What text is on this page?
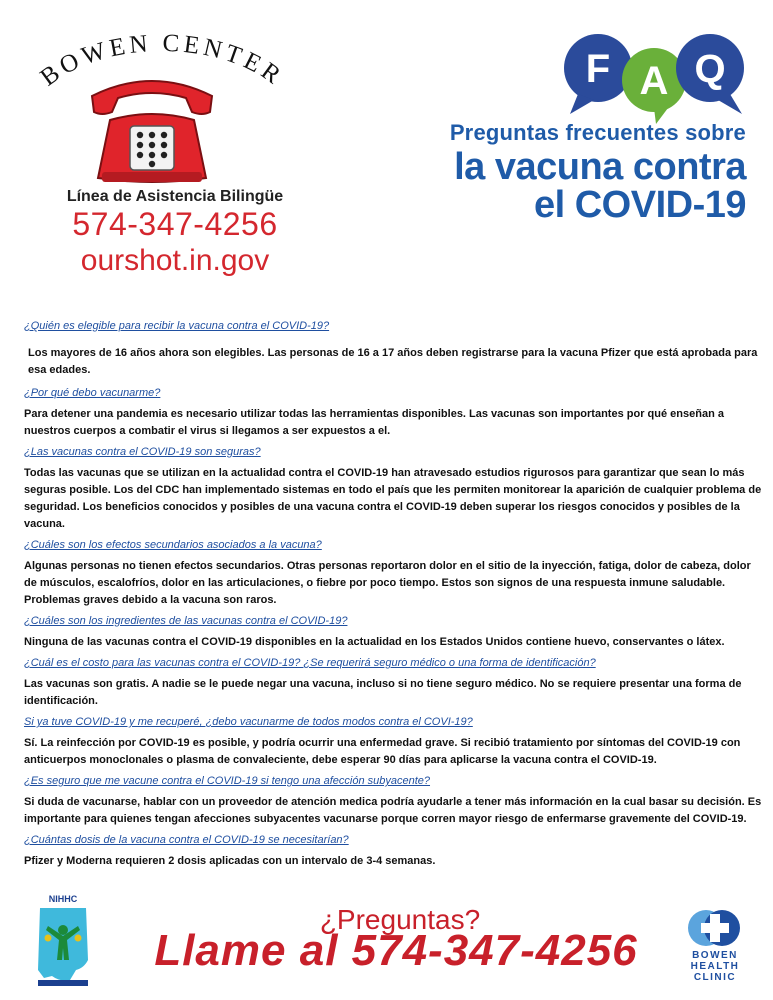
BOWEN CENTER
Línea de Asistencia Bilingüe
574-347-4256
ourshot.in.gov
F A Q
Preguntas frecuentes sobre
la vacuna contra
el COVID-19
¿Quién es elegible para recibir la vacuna contra el COVID-19?
Los mayores de 16 años ahora son elegibles. Las personas de 16 a 17 años deben registrarse para la vacuna Pfizer que está aprobada para esa edades.
¿Por qué debo vacunarme?
Para detener una pandemia es necesario utilizar todas las herramientas disponibles. Las vacunas son importantes por qué enseñan a nuestros cuerpos a combatir el virus si llegamos a ser expuestos a el.
¿Las vacunas contra el COVID-19 son seguras?
Todas las vacunas que se utilizan en la actualidad contra el COVID-19 han atravesado estudios rigurosos para garantizar que sean lo más seguras posible. Los del CDC han implementado sistemas en todo el país que les permiten monitorear la aparición de cualquier problema de seguridad. Los beneficios conocidos y posibles de una vacuna contra el COVID-19 deben superar los riesgos conocidos y posibles de la vacuna.
¿Cuáles son los efectos secundarios asociados a la vacuna?
Algunas personas no tienen efectos secundarios. Otras personas reportaron dolor en el sitio de la inyección, fatiga, dolor de cabeza, dolor de músculos, escalofríos, dolor en las articulaciones, o fiebre por poco tiempo. Estos son signos de una respuesta inmune saludable. Problemas graves debido a la vacuna son raros.
¿Cuáles son los ingredientes de las vacunas contra el COVID-19?
Ninguna de las vacunas contra el COVID-19 disponibles en la actualidad en los Estados Unidos contiene huevo, conservantes o látex.
¿Cuál es el costo para las vacunas contra el COVID-19? ¿Se requerirá seguro médico o una forma de identificación?
Las vacunas son gratis. A nadie se le puede negar una vacuna, incluso si no tiene seguro médico. No se requiere presentar una forma de identificación.
Si ya tuve COVID-19 y me recuperé, ¿debo vacunarme de todos modos contra el COVI-19?
Sí. La reinfección por COVID-19 es posible, y podría ocurrir una enfermedad grave. Si recibió tratamiento por síntomas del COVID-19 con anticuerpos monoclonales o plasma de convaleciente, debe esperar 90 días para aplicarse la vacuna contra el COVID-19.
¿Es seguro que me vacune contra el COVID-19 si tengo una afección subyacente?
Si duda de vacunarse, hablar con un proveedor de atención medica podría ayudarle a tener más información en la cual basar su decisión. Es importante para quienes tengan afecciones subyacentes vacunarse porque corren mayor riesgo de enfermarse gravemente del COVID-19.
¿Cuántas dosis de la vacuna contra el COVID-19 se necesitarían?
Pfizer y Moderna requieren 2 dosis aplicadas con un intervalo de 3-4 semanas.
NIHHC
¿Preguntas?
Llame al 574-347-4256	BOWEN
HEALTH
CLINIC
